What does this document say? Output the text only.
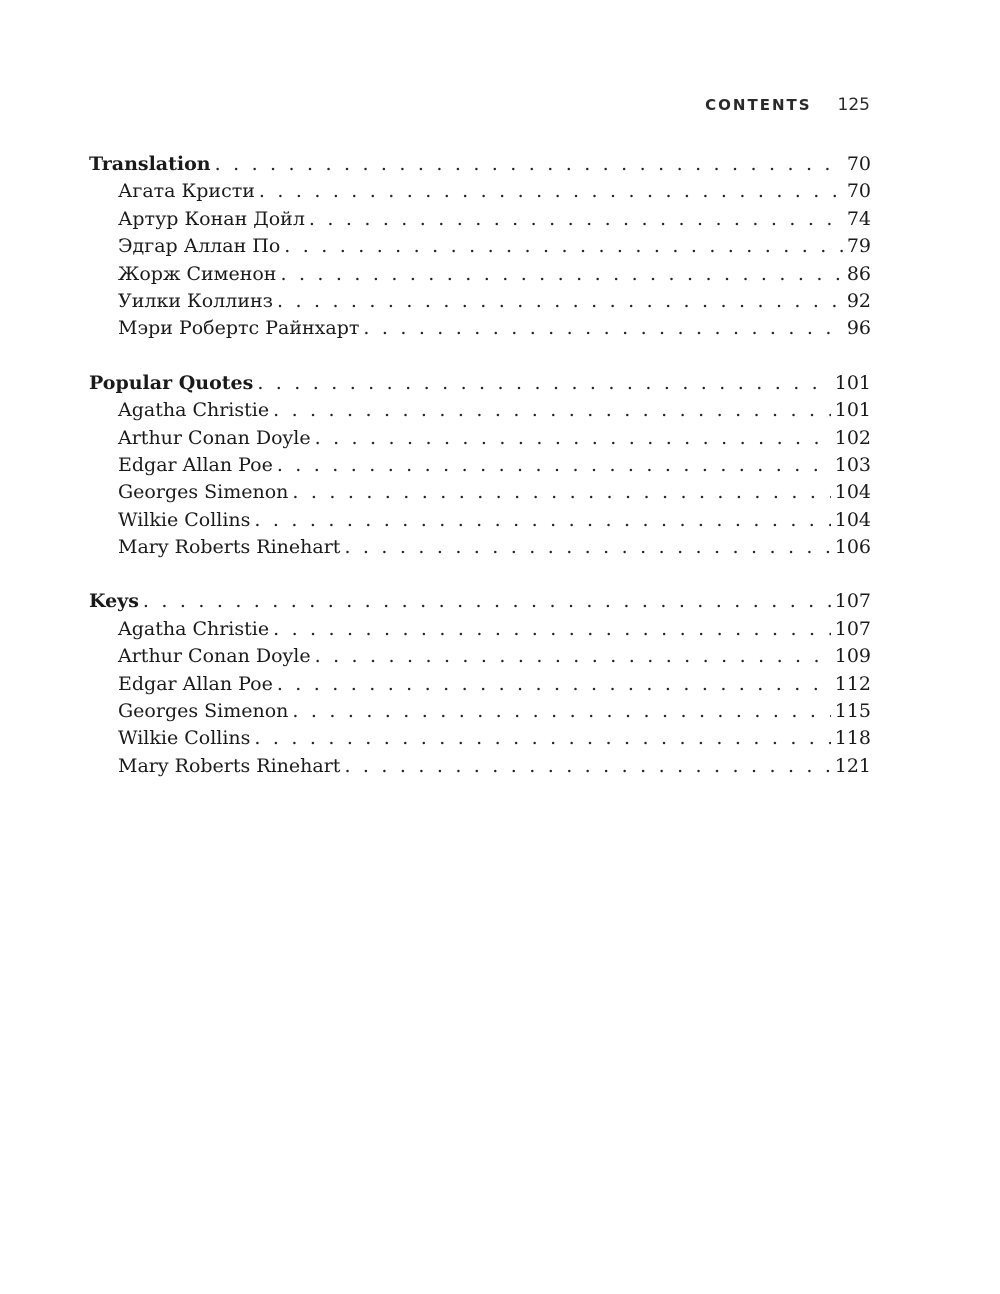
CONTENTS 125
Translation . . .	70
Агата Кристи . . .	70
Артур Конан Дойл . . .	74
Эдгар Аллан По . . .	79
Жорж Сименон . . .	86
Уилки Коллинз . . .	92
Мэри Робертс Райнхарт . . .	96
Popular Quotes . . .	101
Agatha Christie . . .	101
Arthur Conan Doyle . . .	102
Edgar Allan Poe . . .	103
Georges Simenon . . .	104
Wilkie Collins . . .	104
Mary Roberts Rinehart . . .	106
Keys . . .	107
Agatha Christie . . .	107
Arthur Conan Doyle . . .	109
Edgar Allan Poe . . .	112
Georges Simenon . . .	115
Wilkie Collins . . .	118
Mary Roberts Rinehart . . .	121
